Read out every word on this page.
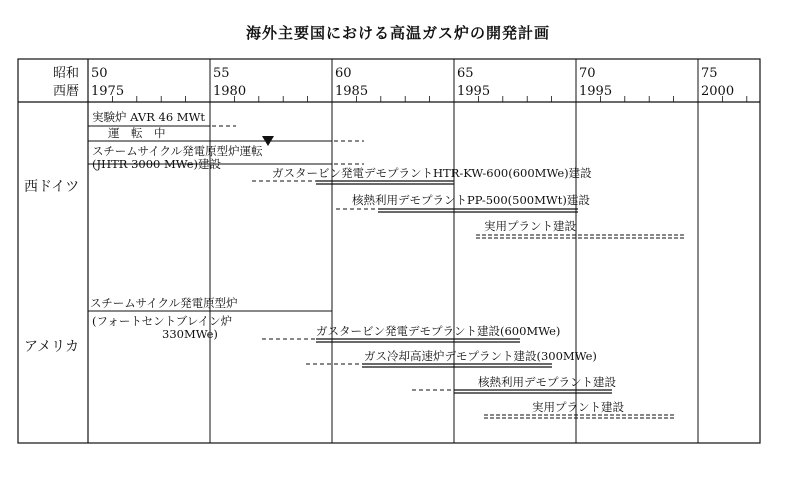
海外主要国における高温ガス炉の開発計画
昭和
西暦
50
1975
55
1980
60
1985
65
1995
70
1995
75
2000
西ドイツ
アメリカ
実験炉 AVR 46 MWt
運　転　中
スチームサイクル発電原型炉運転
(JHTR 3000 MWe)建設
ガスタービン発電デモプラントHTR-KW-600(600MWe)建設
核熱利用デモプラントPP-500(500MWt)建設
実用プラント建設
スチームサイクル発電原型炉
(フォートセントブレイン炉
330MWe)	ガスタービン発電デモプラント建設(600MWe)
ガス冷却高速炉デモプラント建設(300MWe)
核熱利用デモプラント建設
実用プラント建設
